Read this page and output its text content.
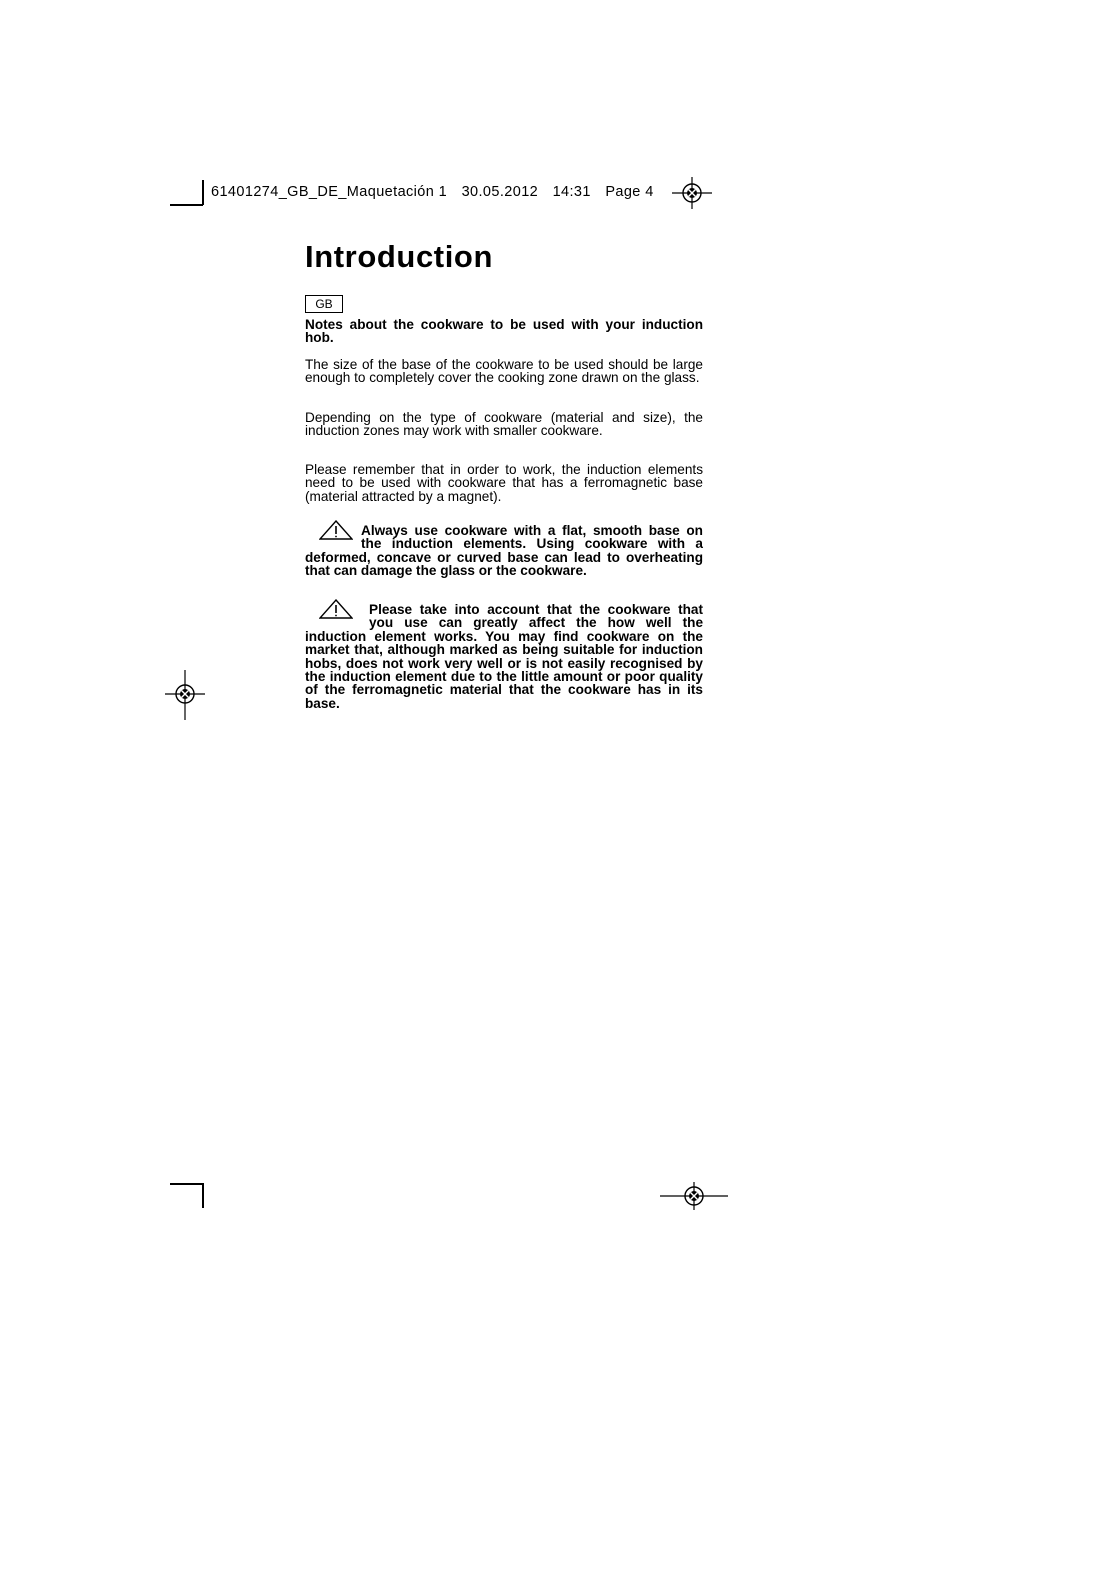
61401274_GB_DE_Maquetación 1 30.05.2012 14:31 Page 4
Introduction
GB

Notes about the cookware to be used with your induction hob.

The size of the base of the cookware to be used should be large enough to completely cover the cooking zone drawn on the glass.

Depending on the type of cookware (material and size), the induction zones may work with smaller cookware.

Please remember that in order to work, the induction elements need to be used with cookware that has a ferromagnetic base (material attracted by a magnet).

Always use cookware with a flat, smooth base on the induction elements. Using cookware with a deformed, concave or curved base can lead to overheating that can damage the glass or the cookware.
Please take into account that the cookware that you use can greatly affect the how well the induction element works. You may find cookware on the market that, although marked as being suitable for induction hobs, does not work very well or is not easily recognised by the induction element due to the little amount or poor quality of the ferromagnetic material that the cookware has in its base.
